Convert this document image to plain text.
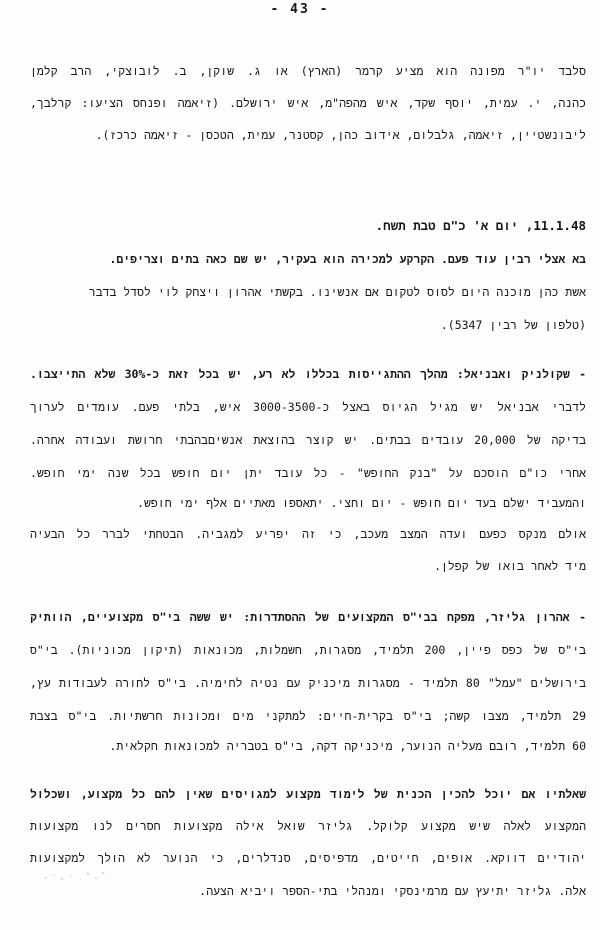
- 43 -
סלבד יו"ר מפונה הוא מציע קרמר (הארץ) או ג. שוקן, ב. לובוצקי, הרב קלמן
כהנה, י. עמית, יוסף שקד, איש מהפה"מ, איש ירושלם. (זיאמה ופנחס הציעו: קרלבך,
ליבונשטיין, זיאמה, גלבלום, אידוב כהן, קסטנר, עמית, הטכסן - זיאמה כרכז).
11.1.48, יום א' כ"ם טבת תשח.
בא אצלי רבין עוד פעם. הקרקע למכירה הוא בעקיר, יש שם כאה בתים וצריפים.
אשת כהן מוכנה היום לסוס לטקום אם אנשינו. בקשתי אהרון ויצחק לוי לסדל בדבר
(טלפון של רבין 5347).
- שקולניק ואבניאל: מהלך ההתגייסות בכללו לא רע, יש בכל זאת כ-30% שלא התייצבו.
לדברי אבניאל יש מגיל הגיוס באצל כ-3000-3500 איש, בלתי פעם. עומדים לערוך
בדיקה של 20,000 עובדים בבתים. יש קוצר בהוצאת אנשיםבהבתי חרושת ועבודה אחרה.
אחרי כו"ם הוסכם על "בנק החופש" - כל עובד יתן יום חופש בכל שנה ימי חופש.
והמעביד ישלם בעד יום חופש - יום וחצי. יתאספו מאתיים אלף ימי חופש.
אולם מנקס כפעם ועדה המצב מעכב, כי זה יפריע למגביה. הבטחתי לברר כל הבעיה
מיד לאחר בואו של קפלן.
- אהרון גליזר, מפקח בבי"ס המקצועים של ההסתדרות: יש ששה בי"ס מקצועיים, הוותיק
בי"ס של כפס פיין, 200 תלמיד, מסגרות, חשמלות, מכונאות (תיקון מכוניות). בי"ס
בירושלים "עמל" 80 תלמיד - מסגרות מיכניק עם נטיה לחימיה. בי"ס לחורה לעבודות עץ,
29 תלמיד, מצבו קשה; בי"ס בקרית-חיים: למתקני מים ומכונות חרשתיות. בי"ס בצבת
60 תלמיד, רובם מעליה הנוער, מיכניקה דקה, בי"ס בטבריה למכונאות חקלאית.
שאלתיו אם יוכל להכין הכנית של לימוד מקצוע למגויסים שאין להם כל מקצוע, ושכלול
המקצוע לאלה שיש מקצוע קלוקל. גליזר שואל אילה מקצועות חסרים לנו מקצועות
יהודיים דווקא. אופים, חייטים, מדפיסים, סנדלרים, כי הנוער לא הולך למקצועות
אלה. גליזר יתיעץ עם מרמינסקי ומנהלי בתי-הספר ויביא הצעה.
